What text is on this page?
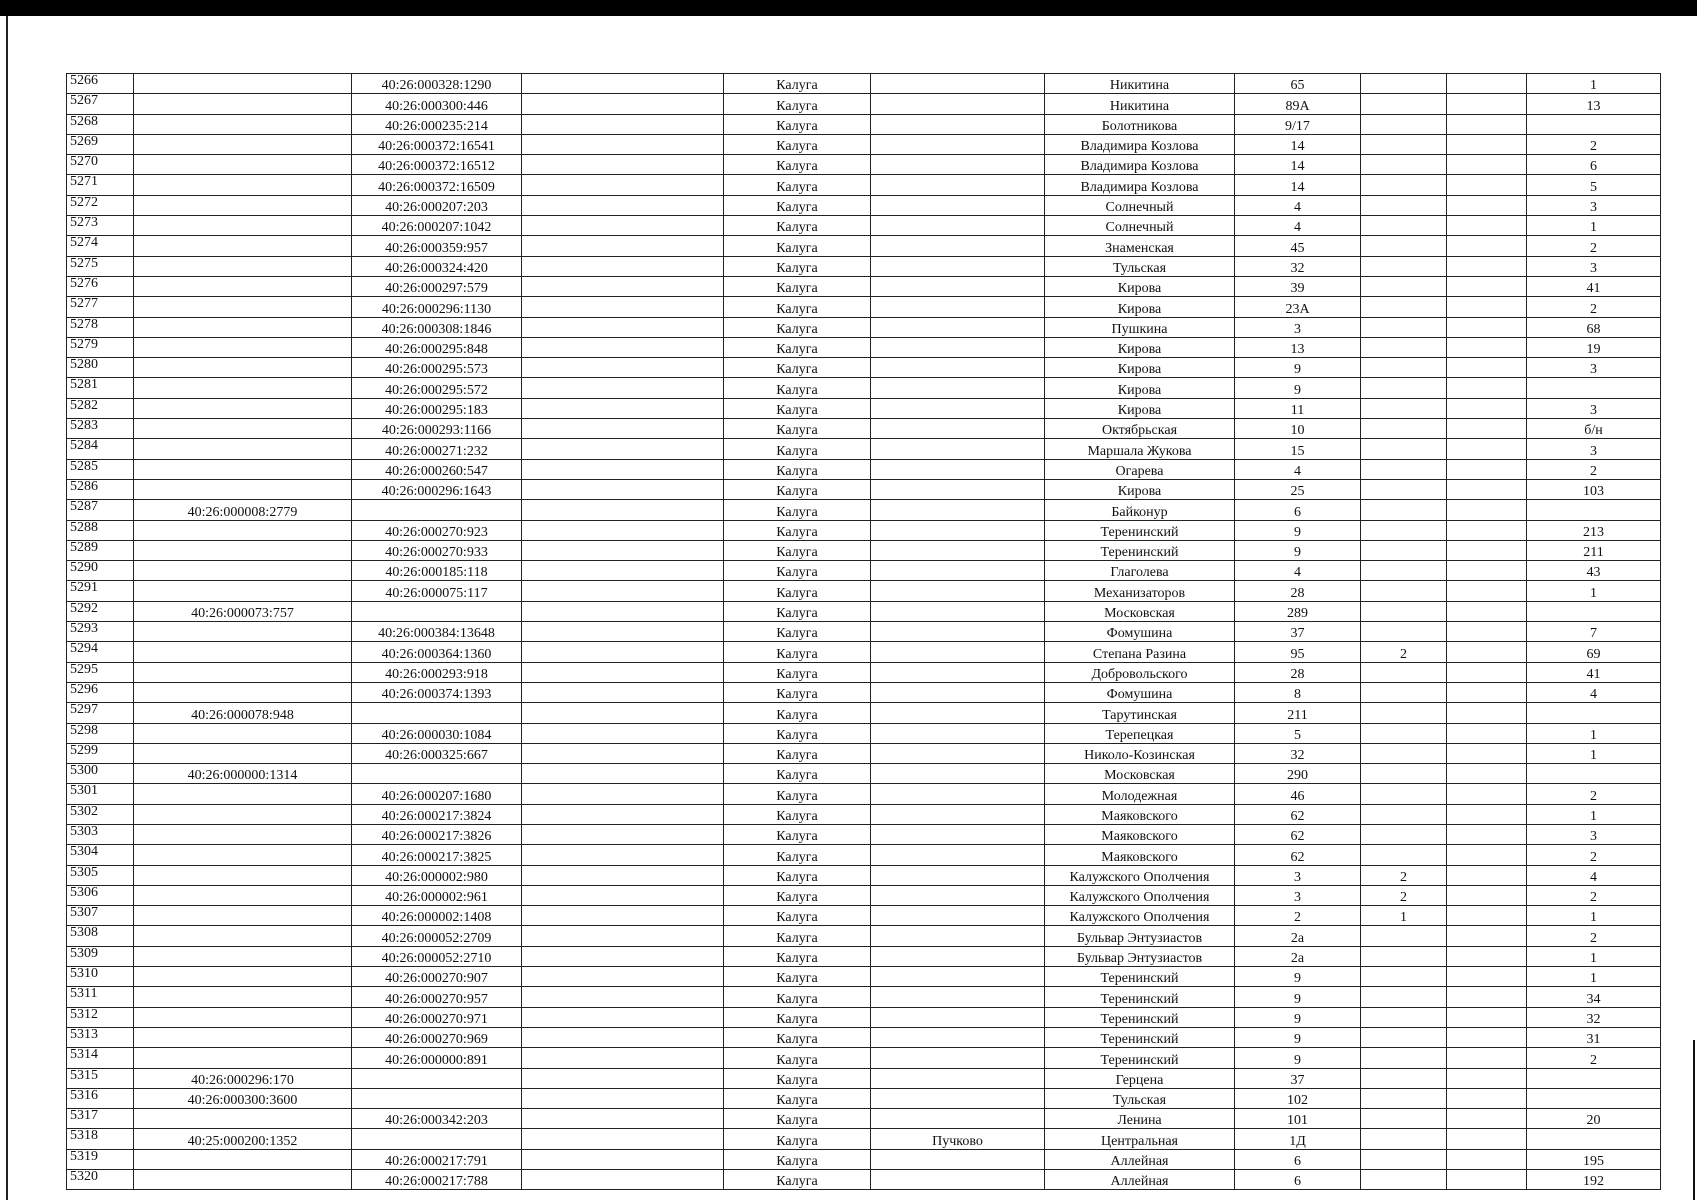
5266		40:26:000328:1290		Калуга		Никитина	65			1
5267		40:26:000300:446		Калуга		Никитина	89А			13
5268		40:26:000235:214		Калуга		Болотникова	9/17			
5269		40:26:000372:16541		Калуга		Владимира Козлова	14			2
5270		40:26:000372:16512		Калуга		Владимира Козлова	14			6
5271		40:26:000372:16509		Калуга		Владимира Козлова	14			5
5272		40:26:000207:203		Калуга		Солнечный	4			3
5273		40:26:000207:1042		Калуга		Солнечный	4			1
5274		40:26:000359:957		Калуга		Знаменская	45			2
5275		40:26:000324:420		Калуга		Тульская	32			3
5276		40:26:000297:579		Калуга		Кирова	39			41
5277		40:26:000296:1130		Калуга		Кирова	23А			2
5278		40:26:000308:1846		Калуга		Пушкина	3			68
5279		40:26:000295:848		Калуга		Кирова	13			19
5280		40:26:000295:573		Калуга		Кирова	9			3
5281		40:26:000295:572		Калуга		Кирова	9			
5282		40:26:000295:183		Калуга		Кирова	11			3
5283		40:26:000293:1166		Калуга		Октябрьская	10			б/н
5284		40:26:000271:232		Калуга		Маршала Жукова	15			3
5285		40:26:000260:547		Калуга		Огарева	4			2
5286		40:26:000296:1643		Калуга		Кирова	25			103
5287	40:26:000008:2779			Калуга		Байконур	6			
5288		40:26:000270:923		Калуга		Теренинский	9			213
5289		40:26:000270:933		Калуга		Теренинский	9			211
5290		40:26:000185:118		Калуга		Глаголева	4			43
5291		40:26:000075:117		Калуга		Механизаторов	28			1
5292	40:26:000073:757			Калуга		Московская	289			
5293		40:26:000384:13648		Калуга		Фомушина	37			7
5294		40:26:000364:1360		Калуга		Степана Разина	95	2		69
5295		40:26:000293:918		Калуга		Добровольского	28			41
5296		40:26:000374:1393		Калуга		Фомушина	8			4
5297	40:26:000078:948			Калуга		Тарутинская	211			
5298		40:26:000030:1084		Калуга		Терепецкая	5			1
5299		40:26:000325:667		Калуга		Николо-Козинская	32			1
5300	40:26:000000:1314			Калуга		Московская	290			
5301		40:26:000207:1680		Калуга		Молодежная	46			2
5302		40:26:000217:3824		Калуга		Маяковского	62			1
5303		40:26:000217:3826		Калуга		Маяковского	62			3
5304		40:26:000217:3825		Калуга		Маяковского	62			2
5305		40:26:000002:980		Калуга		Калужского Ополчения	3	2		4
5306		40:26:000002:961		Калуга		Калужского Ополчения	3	2		2
5307		40:26:000002:1408		Калуга		Калужского Ополчения	2	1		1
5308		40:26:000052:2709		Калуга		Бульвар Энтузиастов	2а			2
5309		40:26:000052:2710		Калуга		Бульвар Энтузиастов	2а			1
5310		40:26:000270:907		Калуга		Теренинский	9			1
5311		40:26:000270:957		Калуга		Теренинский	9			34
5312		40:26:000270:971		Калуга		Теренинский	9			32
5313		40:26:000270:969		Калуга		Теренинский	9			31
5314		40:26:000000:891		Калуга		Теренинский	9			2
5315	40:26:000296:170			Калуга		Герцена	37			
5316	40:26:000300:3600			Калуга		Тульская	102			
5317		40:26:000342:203		Калуга		Ленина	101			20
5318	40:25:000200:1352			Калуга	Пучково	Центральная	1Д			
5319		40:26:000217:791		Калуга		Аллейная	6			195
5320		40:26:000217:788		Калуга		Аллейная	6			192
